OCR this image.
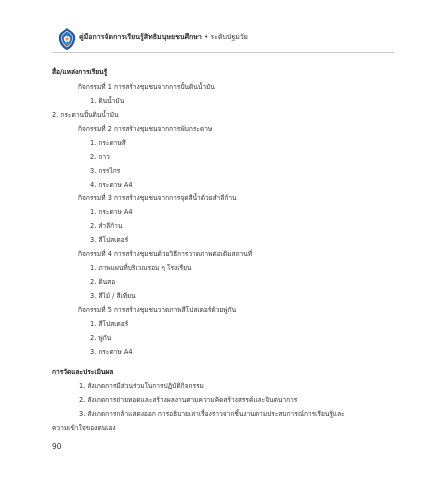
คู่มือการจัดการเรียนรู้สิทธิมนุษยชนศึกษา • ระดับปฐมวัย
สื่อ/แหล่งการเรียนรู้
กิจกรรมที่ 1 การสร้างชุมชนจากการปั้นดินน้ำมัน
1. ดินน้ำมัน
2. กระดานปั้นดินน้ำมัน
กิจกรรมที่ 2 การสร้างชุมชนจากการพับกระดาษ
1. กระดาษสี
2. กาว
3. กรรไกร
4. กระดาษ A4
กิจกรรมที่ 3 การสร้างชุมชนจากการจุดสีน้ำด้วยสำลีก้าน
1. กระดาษ A4
2. สำลีก้าน
3. สีโปสเตอร์
กิจกรรมที่ 4 การสร้างชุมชนด้วยวิธีการวาดภาพต่อเติมสถานที่
1. ภาพแผนที่บริเวณรอบ ๆ โรงเรียน
2. ดินสอ
3. สีไม้ / สีเทียน
กิจกรรมที่ 5 การสร้างชุมชนวาดภาพสีโปสเตอร์ด้วยพู่กัน
1. สีโปสเตอร์
2. พู่กัน
3. กระดาษ A4
การวัดและประเมินผล
1. สังเกตการมีส่วนร่วมในการปฏิบัติกิจกรรม
2. สังเกตการถ่ายทอดและสร้างผลงานตามความคิดสร้างสรรค์และจินตนาการ
3. สังเกตการกล้าแสดงออก การอธิบายเล่าเรื่องราวจากชิ้นงานตามประสบการณ์การเรียนรู้และ
ความเข้าใจของตนเอง
90
